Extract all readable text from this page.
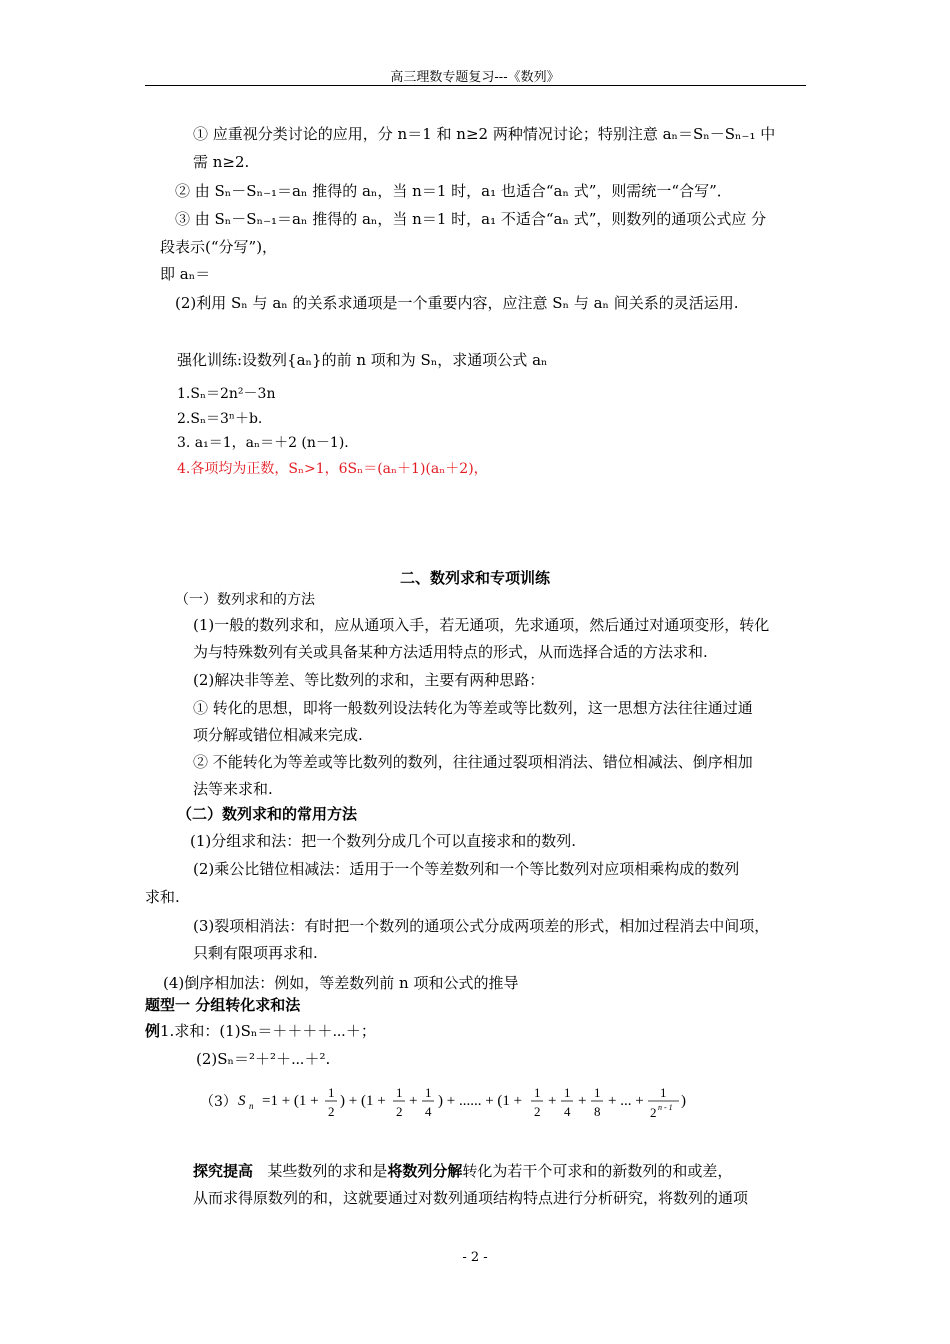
高三理数专题复习---《数列》
① 应重视分类讨论的应用，分 n＝1 和 n≥2 两种情况讨论；特别注意 aₙ＝Sₙ－Sₙ₋₁ 中
需 n≥2.
② 由 Sₙ－Sₙ₋₁＝aₙ 推得的 aₙ，当 n＝1 时，a₁ 也适合“aₙ 式”，则需统一“合写”．
③ 由 Sₙ－Sₙ₋₁＝aₙ 推得的 aₙ，当 n＝1 时，a₁ 不适合“aₙ 式”，则数列的通项公式应 分
段表示(“分写”)，
即 aₙ＝
(2)利用 Sₙ 与 aₙ 的关系求通项是一个重要内容，应注意 Sₙ 与 aₙ 间关系的灵活运用.
强化训练:设数列{aₙ}的前 n 项和为 Sₙ，求通项公式 aₙ
1.Sₙ＝2n²－3n
2.Sₙ＝3ⁿ＋b.
3. a₁＝1，aₙ＝＋2 (n－1).
4.各项均为正数，Sₙ>1，6Sₙ＝(aₙ＋1)(aₙ＋2)，
二、数列求和专项训练
（一）数列求和的方法
(1)一般的数列求和，应从通项入手，若无通项，先求通项，然后通过对通项变形，转化
为与特殊数列有关或具备某种方法适用特点的形式，从而选择合适的方法求和.
(2)解决非等差、等比数列的求和，主要有两种思路：
① 转化的思想，即将一般数列设法转化为等差或等比数列，这一思想方法往往通过通
项分解或错位相减来完成.
② 不能转化为等差或等比数列的数列，往往通过裂项相消法、错位相减法、倒序相加
法等来求和.
（二）数列求和的常用方法
(1)分组求和法：把一个数列分成几个可以直接求和的数列.
(2)乘公比错位相减法：适用于一个等差数列和一个等比数列对应项相乘构成的数列
求和.
(3)裂项相消法：有时把一个数列的通项公式分成两项差的形式，相加过程消去中间项，
只剩有限项再求和.
(4)倒序相加法：例如，等差数列前 n 项和公式的推导
题型一 分组转化求和法
例1.求和：(1)Sₙ＝＋＋＋＋⋯＋；
(2)Sₙ＝²＋²＋⋯＋².
（3） S n =1 + (1 +
1
2
) + (1 +
1
2
+
1
4
) + ...... + (1 +
1
2
+
1
4
+
1
8
+ ... +
1
2 n - 1 )
探究提高 某些数列的求和是将数列分解转化为若干个可求和的新数列的和或差，
从而求得原数列的和，这就要通过对数列通项结构特点进行分析研究，将数列的通项
- 2 -
